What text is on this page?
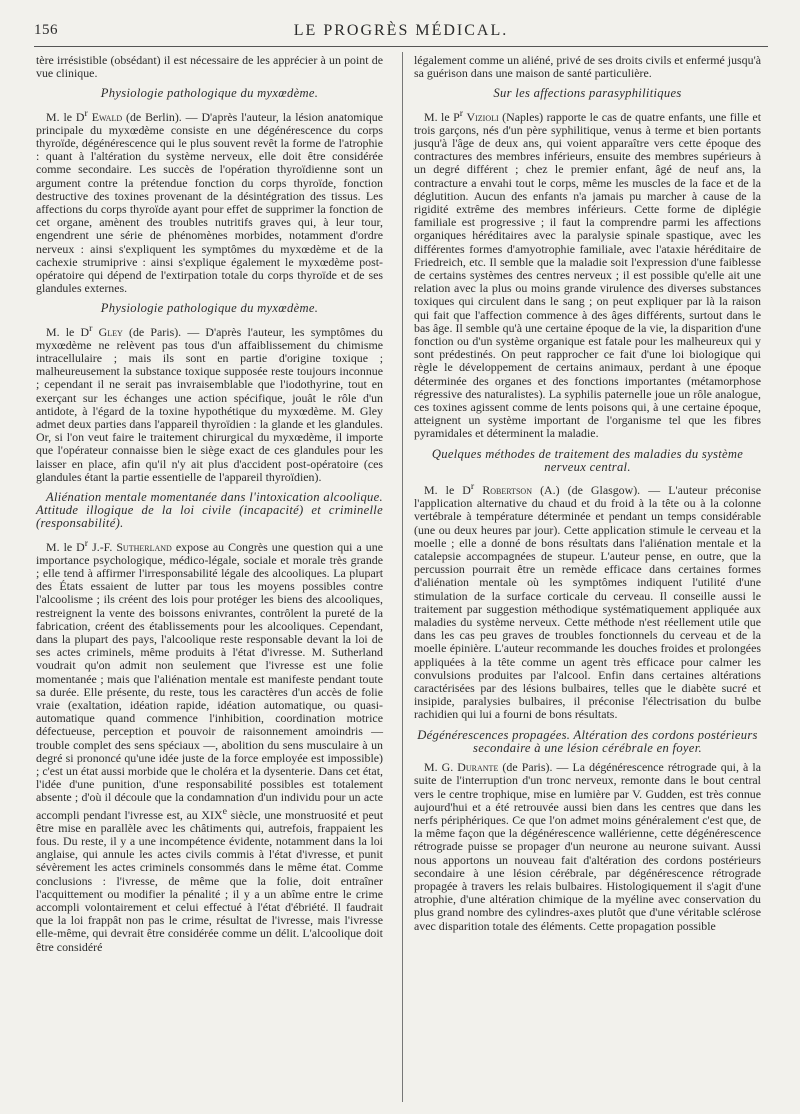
156	LE PROGRÈS MÉDICAL.

tère irrésistible (obsédant) il est nécessaire de les apprécier à un point de vue clinique.

Physiologie pathologique du myxœdème.

M. le $D^r$ Ewald (de Berlin). — D'après l'auteur, la lésion anatomique principale du myxœdème consiste en une dégénérescence du corps thyroïde, dégénérescence qui le plus souvent revêt la forme de l'atrophie : quant à l'altération du système nerveux, elle doit être considérée comme secondaire. Les succès de l'opération thyroïdienne sont un argument contre la prétendue fonction du corps thyroïde, fonction destructive des toxines provenant de la désintégration des tissus. Les affections du corps thyroïde ayant pour effet de supprimer la fonction de cet organe, amènent des troubles nutritifs graves qui, à leur tour, engendrent une série de phénomènes morbides, notamment d'ordre nerveux : ainsi s'expliquent les symptômes du myxœdème et de la cachexie strumiprive : ainsi s'explique également le myxœdème post-opératoire qui dépend de l'extirpation totale du corps thyroïde et de ses glandules externes.

Physiologie pathologique du myxœdème.

M. le $D^r$ Gley (de Paris). — D'après l'auteur, les symptômes du myxœdème ne relèvent pas tous d'un affaiblissement du chimisme intracellulaire ; mais ils sont en partie d'origine toxique ; malheureusement la substance toxique supposée reste toujours inconnue ; cependant il ne serait pas invraisemblable que l'iodothyrine, tout en exerçant sur les échanges une action spécifique, jouât le rôle d'un antidote, à l'égard de la toxine hypothétique du myxœdème. M. Gley admet deux parties dans l'appareil thyroïdien : la glande et les glandules. Or, si l'on veut faire le traitement chirurgical du myxœdème, il importe que l'opérateur connaisse bien le siège exact de ces glandules pour les laisser en place, afin qu'il n'y ait plus d'accident post-opératoire (ces glandules étant la partie essentielle de l'appareil thyroïdien).

Aliénation mentale momentanée dans l'intoxication alcoolique. Attitude illogique de la loi civile (incapacité) et criminelle (responsabilité).

M. le $D^r$ J.-F. Sutherland expose au Congrès une question qui a une importance psychologique, médico-légale, sociale et morale très grande ; elle tend à affirmer l'irresponsabilité légale des alcooliques. La plupart des États essaient de lutter par tous les moyens possibles contre l'alcoolisme ; ils créent des lois pour protéger les biens des alcooliques, restreignent la vente des boissons enivrantes, contrôlent la pureté de la fabrication, créent des établissements pour les alcooliques. Cependant, dans la plupart des pays, l'alcoolique reste responsable devant la loi de ses actes criminels, même produits à l'état d'ivresse. M. Sutherland voudrait qu'on admit non seulement que l'ivresse est une folie momentanée ; mais que l'aliénation mentale est manifeste pendant toute sa durée. Elle présente, du reste, tous les caractères d'un accès de folie vraie (exaltation, idéation rapide, idéation automatique, ou quasi-automatique quand commence l'inhibition, coordination motrice défectueuse, perception et pouvoir de raisonnement amoindris — trouble complet des sens spéciaux —, abolition du sens musculaire à un degré si prononcé qu'une idée juste de la force employée est impossible) ; c'est un état aussi morbide que le choléra et la dysenterie. Dans cet état, l'idée d'une punition, d'une responsabilité possibles est totalement absente ; d'où il découle que la condamnation d'un individu pour un acte accompli pendant l'ivresse est, au XIXe siècle, une monstruosité et peut être mise en parallèle avec les châtiments qui, autrefois, frappaient les fous. Du reste, il y a une incompétence évidente, notamment dans la loi anglaise, qui annule les actes civils commis à l'état d'ivresse, et punit sévèrement les actes criminels consommés dans le même état. Comme conclusions : l'ivresse, de même que la folie, doit entraîner l'acquittement ou modifier la pénalité ; il y a un abîme entre le crime accompli volontairement et celui effectué à l'état d'ébriété. Il faudrait que la loi frappât non pas le crime, résultat de l'ivresse, mais l'ivresse elle-même, qui devrait être considérée comme un délit. L'alcoolique doit être considéré

légalement comme un aliéné, privé de ses droits civils et enfermé jusqu'à sa guérison dans une maison de santé particulière.

Sur les affections parasyphilitiques

M. le $P^r$ Vizioli (Naples) rapporte le cas de quatre enfants, une fille et trois garçons, nés d'un père syphilitique, venus à terme et bien portants jusqu'à l'âge de deux ans, qui voient apparaître vers cette époque des contractures des membres inférieurs, ensuite des membres supérieurs à un degré différent ; chez le premier enfant, âgé de neuf ans, la contracture a envahi tout le corps, même les muscles de la face et de la déglutition. Aucun des enfants n'a jamais pu marcher à cause de la rigidité extrême des membres inférieurs. Cette forme de diplégie familiale est progressive ; il faut la comprendre parmi les affections organiques héréditaires avec la paralysie spinale spastique, avec les différentes formes d'amyotrophie familiale, avec l'ataxie héréditaire de Friedreich, etc. Il semble que la maladie soit l'expression d'une faiblesse de certains systèmes des centres nerveux ; il est possible qu'elle ait une relation avec la plus ou moins grande virulence des diverses substances toxiques qui circulent dans le sang ; on peut expliquer par là la raison qui fait que l'affection commence à des âges différents, surtout dans le bas âge. Il semble qu'à une certaine époque de la vie, la disparition d'une fonction ou d'un système organique est fatale pour les malheureux qui y sont prédestinés. On peut rapprocher ce fait d'une loi biologique qui règle le développement de certains animaux, perdant à une époque déterminée des organes et des fonctions importantes (métamorphose régressive des naturalistes). La syphilis paternelle joue un rôle analogue, ces toxines agissent comme de lents poisons qui, à une certaine époque, atteignent un système important de l'organisme tel que les fibres pyramidales et déterminent la maladie.

Quelques méthodes de traitement des maladies du système nerveux central.

M. le $D^r$ Robertson (A.) (de Glasgow). — L'auteur préconise l'application alternative du chaud et du froid à la tête ou à la colonne vertébrale à température déterminée et pendant un temps considérable (une ou deux heures par jour). Cette application stimule le cerveau et la moelle ; elle a donné de bons résultats dans l'aliénation mentale et la catalepsie accompagnées de stupeur. L'auteur pense, en outre, que la percussion pourrait être un remède efficace dans certaines formes d'aliénation mentale où les symptômes indiquent l'utilité d'une stimulation de la surface corticale du cerveau. Il conseille aussi le traitement par suggestion méthodique systématiquement appliquée aux maladies du système nerveux. Cette méthode n'est réellement utile que dans les cas peu graves de troubles fonctionnels du cerveau et de la moelle épinière. L'auteur recommande les douches froides et prolongées appliquées à la tête comme un agent très efficace pour calmer les convulsions produites par l'alcool. Enfin dans certaines altérations caractérisées par des lésions bulbaires, telles que le diabète sucré et insipide, paralysies bulbaires, il préconise l'électrisation du bulbe rachidien qui lui a fourni de bons résultats.

Dégénérescences propagées. Altération des cordons postérieurs secondaire à une lésion cérébrale en foyer.

M. G. Durante (de Paris). — La dégénérescence rétrograde qui, à la suite de l'interruption d'un tronc nerveux, remonte dans le bout central vers le centre trophique, mise en lumière par V. Gudden, est très connue aujourd'hui et a été retrouvée aussi bien dans les centres que dans les nerfs périphériques. Ce que l'on admet moins généralement c'est que, de la même façon que la dégénérescence wallérienne, cette dégénérescence rétrograde puisse se propager d'un neurone au neurone suivant. Aussi nous apportons un nouveau fait d'altération des cordons postérieurs secondaire à une lésion cérébrale, par dégénérescence rétrograde propagée à travers les relais bulbaires. Histologiquement il s'agit d'une atrophie, d'une altération chimique de la myéline avec conservation du plus grand nombre des cylindres-axes plutôt que d'une véritable sclérose avec disparition totale des éléments. Cette propagation possible
